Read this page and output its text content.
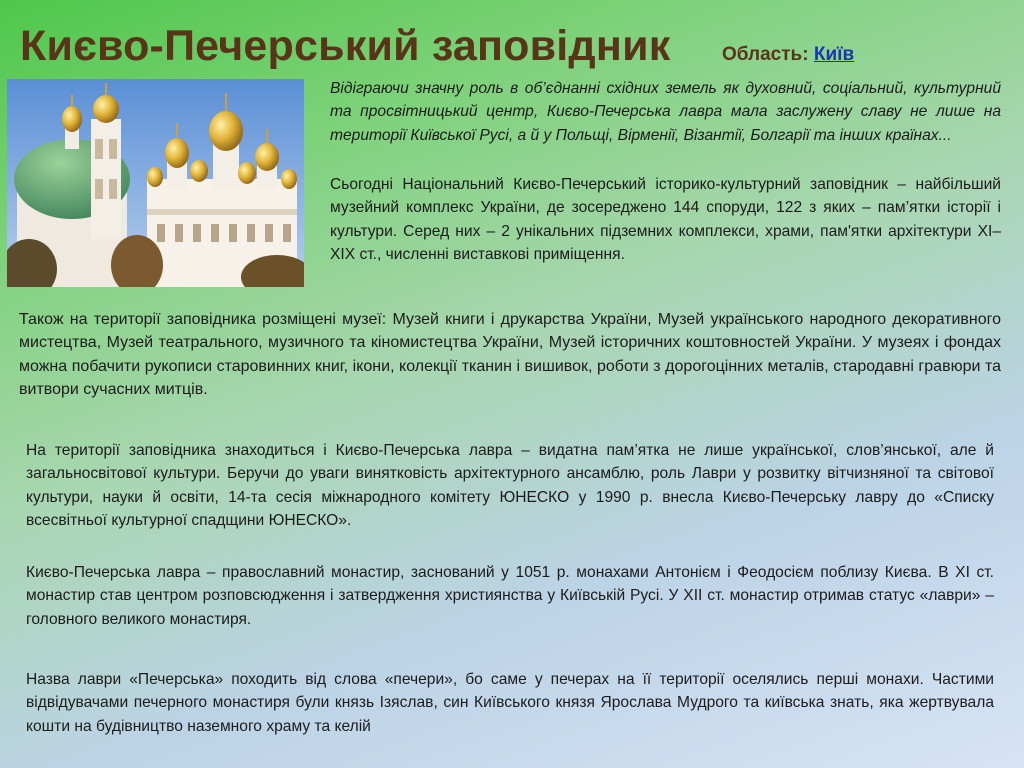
Києво-Печерський заповідник	Область: Київ

Відіграючи значну роль в об’єднанні східних земель як духовний, соціальний, культурний та просвітницький центр, Києво-Печерська лавра мала заслужену славу не лише на території Київської Русі, а й у Польщі, Вірменії, Візантії, Болгарії та інших країнах...

Сьогодні Національний Києво-Печерський історико-культурний заповідник – найбільший музейний комплекс України, де зосереджено 144 споруди, 122 з яких – пам’ятки історії і культури. Серед них – 2 унікальних підземних комплекси, храми, пам'ятки архітектури XI–XIX ст., численні виставкові приміщення.

Також на території заповідника розміщені музеї: Музей книги і друкарства України, Музей українського народного декоративного мистецтва, Музей театрального, музичного та кіномистецтва України, Музей історичних коштовностей України. У музеях і фондах можна побачити рукописи старовинних книг, ікони, колекції тканин і вишивок, роботи з дорогоцінних металів, стародавні гравюри та витвори сучасних митців.

На території заповідника знаходиться і Києво-Печерська лавра – видатна пам’ятка не лише української, слов’янської, але й загальносвітової культури. Беручи до уваги винятковість архітектурного ансамблю, роль Лаври у розвитку вітчизняної та світової культури, науки й освіти, 14-та сесія міжнародного комітету ЮНЕСКО у 1990 р. внесла Києво-Печерську лавру до «Списку всесвітньої культурної спадщини ЮНЕСКО».

Києво-Печерська лавра – православний монастир, заснований у 1051 р. монахами Антонієм і Феодосієм поблизу Києва. В XI ст. монастир став центром розповсюдження і затвердження християнства у Київській Русі. У XII ст. монастир отримав статус «лаври» – головного великого монастиря.

Назва лаври «Печерська» походить від слова «печери», бо саме у печерах на її території оселялись перші монахи. Частими відвідувачами печерного монастиря були князь Ізяслав, син Київського князя Ярослава Мудрого та київська знать, яка жертвувала кошти на будівництво наземного храму та келій
